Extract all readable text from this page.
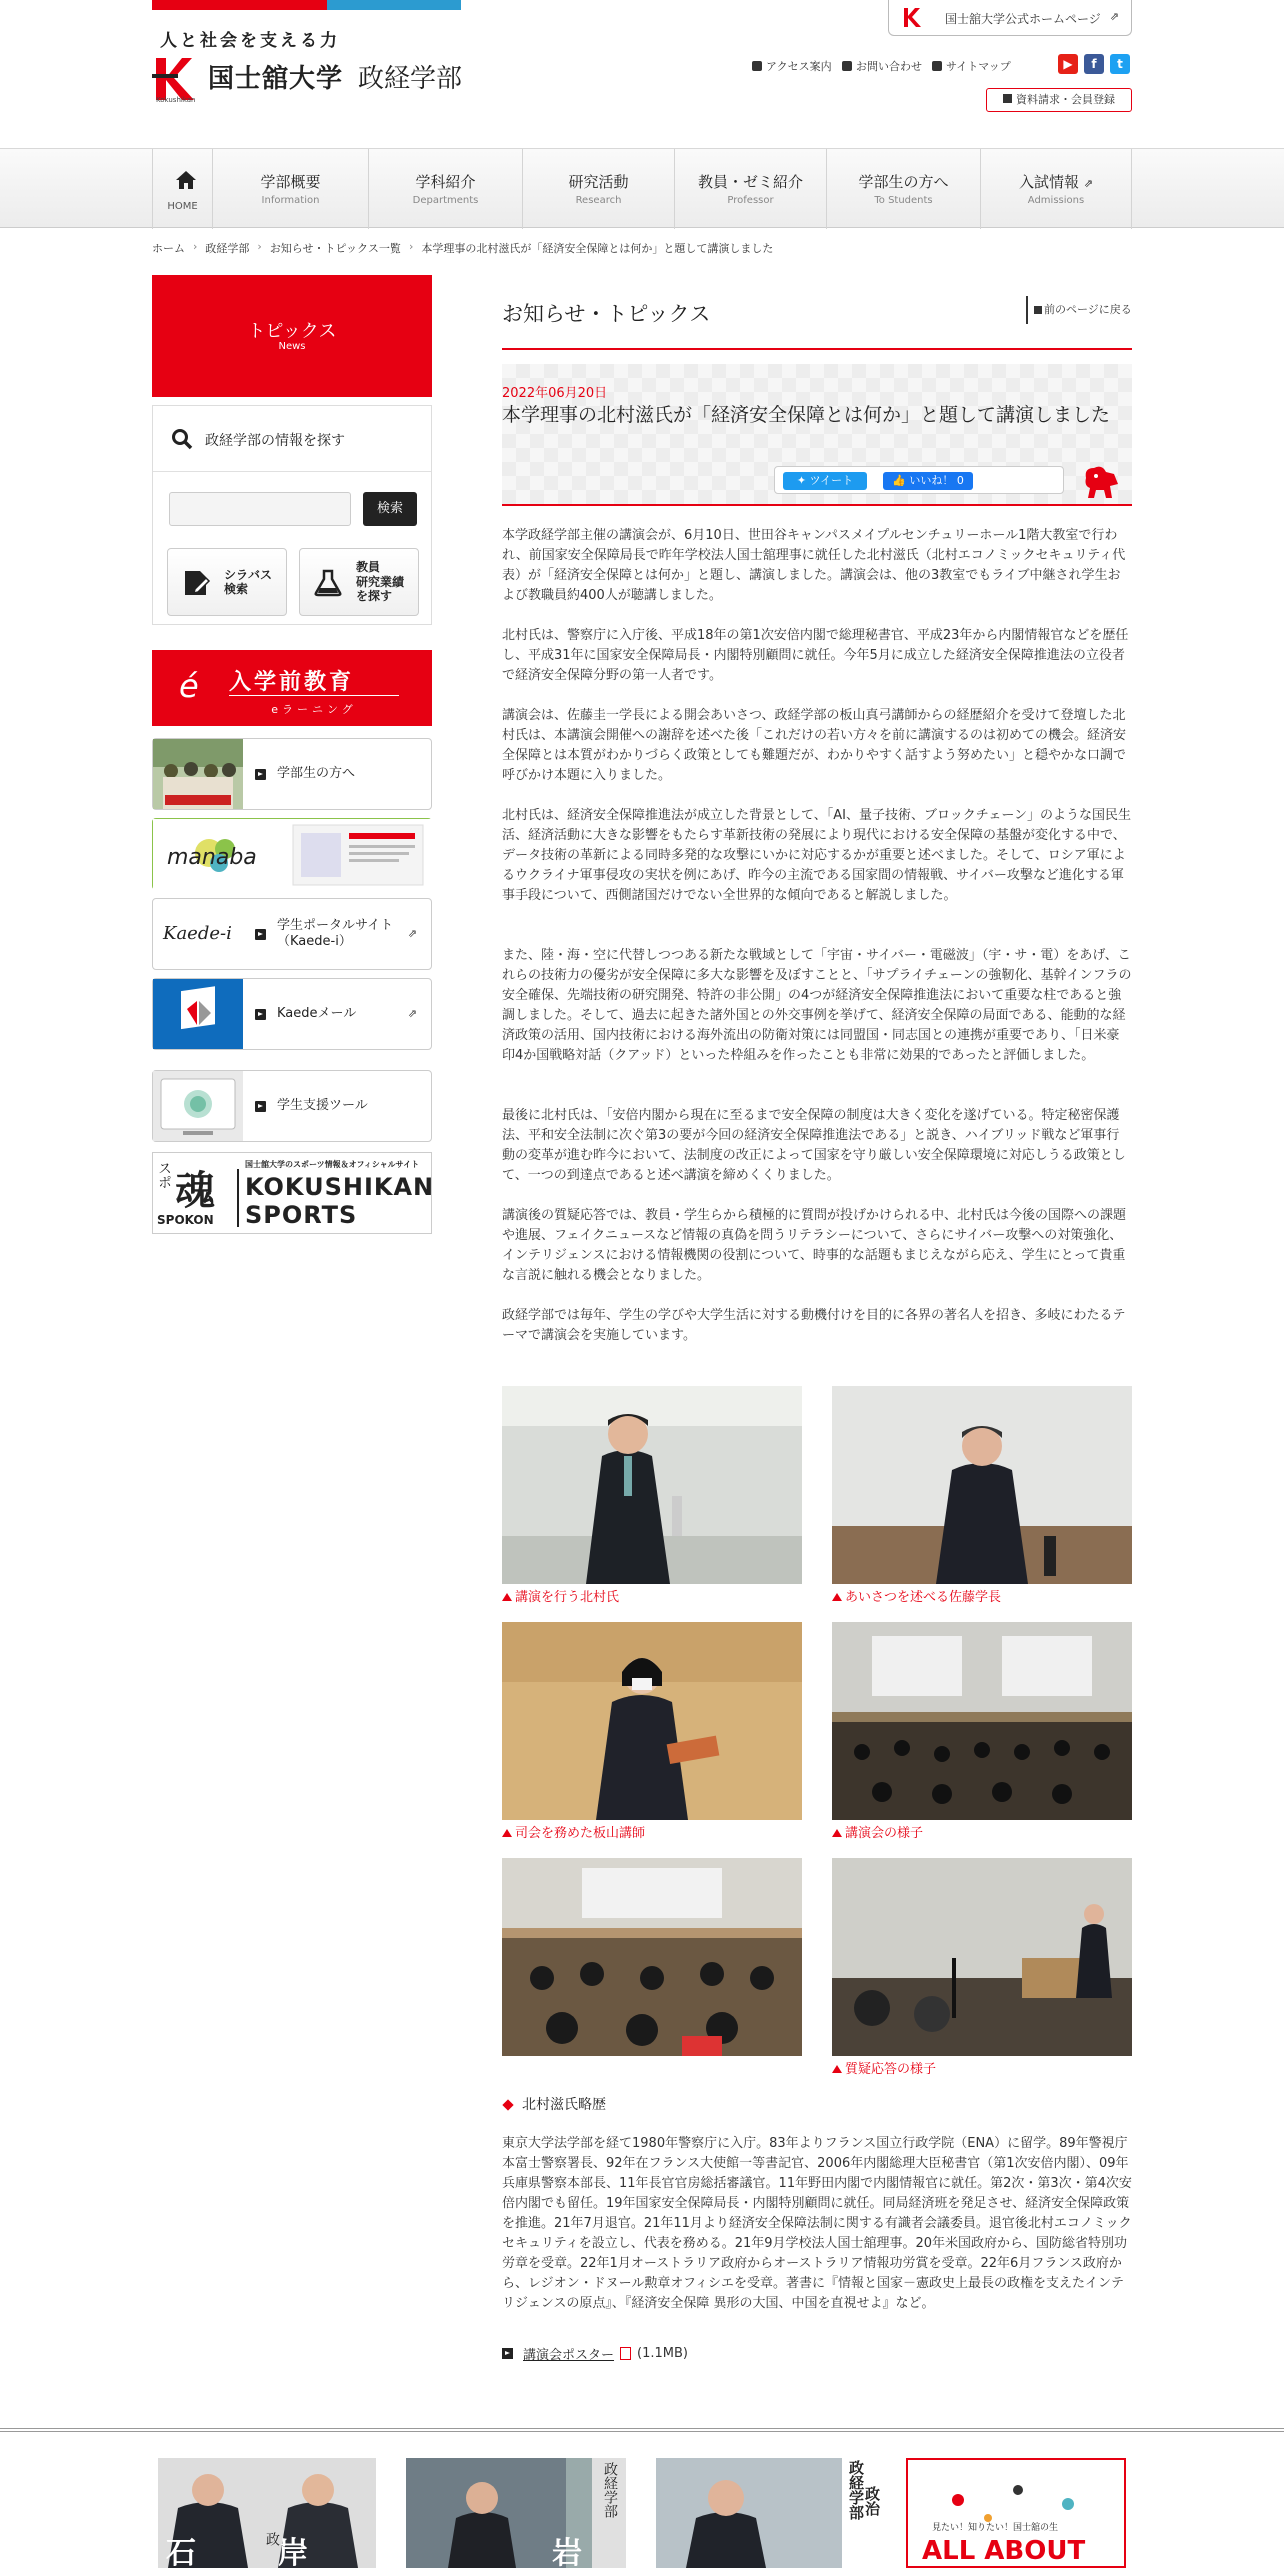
人と社会を支える力
国士舘大学 政経学部
Kokushikan
国士舘大学公式ホームページ ⇗
アクセス案内 お問い合わせ サイトマップ	▶	f	t
資料請求・会員登録
HOME
学部概要
Information
学科紹介
Departments
研究活動
Research
教員・ゼミ紹介
Professor
学部生の方へ
To Students
入試情報 ⇗
Admissions
ホーム › 政経学部 › お知らせ・トピックス一覧 › 本学理事の北村滋氏が「経済安全保障とは何か」と題して講演しました
トピックス
News
政経学部の情報を探す
検索
シラバス
検索
教員
研究業績
を探す
é 入学前教育
eラーニング
学部生の方へ
manaba
Kaede-i	学生ポータルサイト
（Kaede-i）
⇗
Kaedeメール	⇗
学生支援ツール
国士舘大学のスポーツ情報＆オフィシャルサイト
スポ 魂
SPOKON
KOKUSHIKAN
SPORTS
お知らせ・トピックス	前のページに戻る
2022年06月20日
本学理事の北村滋氏が「経済安全保障とは何か」と題して講演しました
✦ ツイート	👍 いいね！ 0

本学政経学部主催の講演会が、6月10日、世田谷キャンパスメイプルセンチュリーホール1階大教室で行われ、前国家安全保障局長で昨年学校法人国士舘理事に就任した北村滋氏（北村エコノミックセキュリティ代表）が「経済安全保障とは何か」と題し、講演しました。講演会は、他の3教室でもライブ中継され学生および教職員約400人が聴講しました。

北村氏は、警察庁に入庁後、平成18年の第1次安倍内閣で総理秘書官、平成23年から内閣情報官などを歴任し、平成31年に国家安全保障局長・内閣特別顧問に就任。今年5月に成立した経済安全保障推進法の立役者で経済安全保障分野の第一人者です。

講演会は、佐藤圭一学長による開会あいさつ、政経学部の板山真弓講師からの経歴紹介を受けて登壇した北村氏は、本講演会開催への謝辞を述べた後「これだけの若い方々を前に講演するのは初めての機会。経済安全保障とは本質がわかりづらく政策としても難題だが、わかりやすく話すよう努めたい」と穏やかな口調で呼びかけ本題に入りました。

北村氏は、経済安全保障推進法が成立した背景として、「AI、量子技術、ブロックチェーン」のような国民生活、経済活動に大きな影響をもたらす革新技術の発展により現代における安全保障の基盤が変化する中で、データ技術の革新による同時多発的な攻撃にいかに対応するかが重要と述べました。そして、ロシア軍によるウクライナ軍事侵攻の実状を例にあげ、昨今の主流である国家間の情報戦、サイバー攻撃など進化する軍事手段について、西側諸国だけでない全世界的な傾向であると解説しました。

また、陸・海・空に代替しつつある新たな戦域として「宇宙・サイバー・電磁波」（宇・サ・電）をあげ、これらの技術力の優劣が安全保障に多大な影響を及ぼすことと、「サプライチェーンの強靭化、基幹インフラの安全確保、先端技術の研究開発、特許の非公開」の4つが経済安全保障推進法において重要な柱であると強調しました。そして、過去に起きた諸外国との外交事例を挙げて、経済安全保障の局面である、能動的な経済政策の活用、国内技術における海外流出の防衛対策には同盟国・同志国との連携が重要であり、「日米豪印4か国戦略対話（クアッド）といった枠組みを作ったことも非常に効果的であったと評価しました。

最後に北村氏は、「安倍内閣から現在に至るまで安全保障の制度は大きく変化を遂げている。特定秘密保護法、平和安全法制に次ぐ第3の要が今回の経済安全保障推進法である」と説き、ハイブリッド戦など軍事行動の変革が進む昨今において、法制度の改正によって国家を守り厳しい安全保障環境に対応しうる政策として、一つの到達点であると述べ講演を締めくくりました。

講演後の質疑応答では、教員・学生らから積極的に質問が投げかけられる中、北村氏は今後の国際への課題や進展、フェイクニュースなど情報の真偽を問うリテラシーについて、さらにサイバー攻撃への対策強化、インテリジェンスにおける情報機関の役割について、時事的な話題もまじえながら応え、学生にとって貴重な言説に触れる機会となりました。

政経学部では毎年、学生の学びや大学生活に対する動機付けを目的に各界の著名人を招き、多岐にわたるテーマで講演会を実施しています。

講演を行う北村氏	あいさつを述べる佐藤学長
司会を務めた板山講師	講演会の様子
質疑応答の様子
北村滋氏略歴

東京大学法学部を経て1980年警察庁に入庁。83年よりフランス国立行政学院（ENA）に留学。89年警視庁本富士警察署長、92年在フランス大使館一等書記官、2006年内閣総理大臣秘書官（第1次安倍内閣）、09年兵庫県警察本部長、11年長官官房総括審議官。11年野田内閣で内閣情報官に就任。第2次・第3次・第4次安倍内閣でも留任。19年国家安全保障局長・内閣特別顧問に就任。同局経済班を発足させ、経済安全保障政策を推進。21年7月退官。21年11月より経済安全保障法制に関する有識者会議委員。退官後北村エコノミックセキュリティを設立し、代表を務める。21年9月学校法人国士舘理事。20年米国政府から、国防総省特別功労章を受章。22年1月オーストラリア政府からオーストラリア情報功労賞を受章。22年6月フランス政府から、レジオン・ドヌール勲章オフィシエを受章。著書に『情報と国家－憲政史上最長の政権を支えたインテリジェンスの原点』、『経済安全保障 異形の大国、中国を直視せよ』など。

講演会ポスター (1.1MB)
石	政
岸
政経学部
岩
政経学部
政治
見たい！知りたい！国士舘の生
ALL ABOUT
